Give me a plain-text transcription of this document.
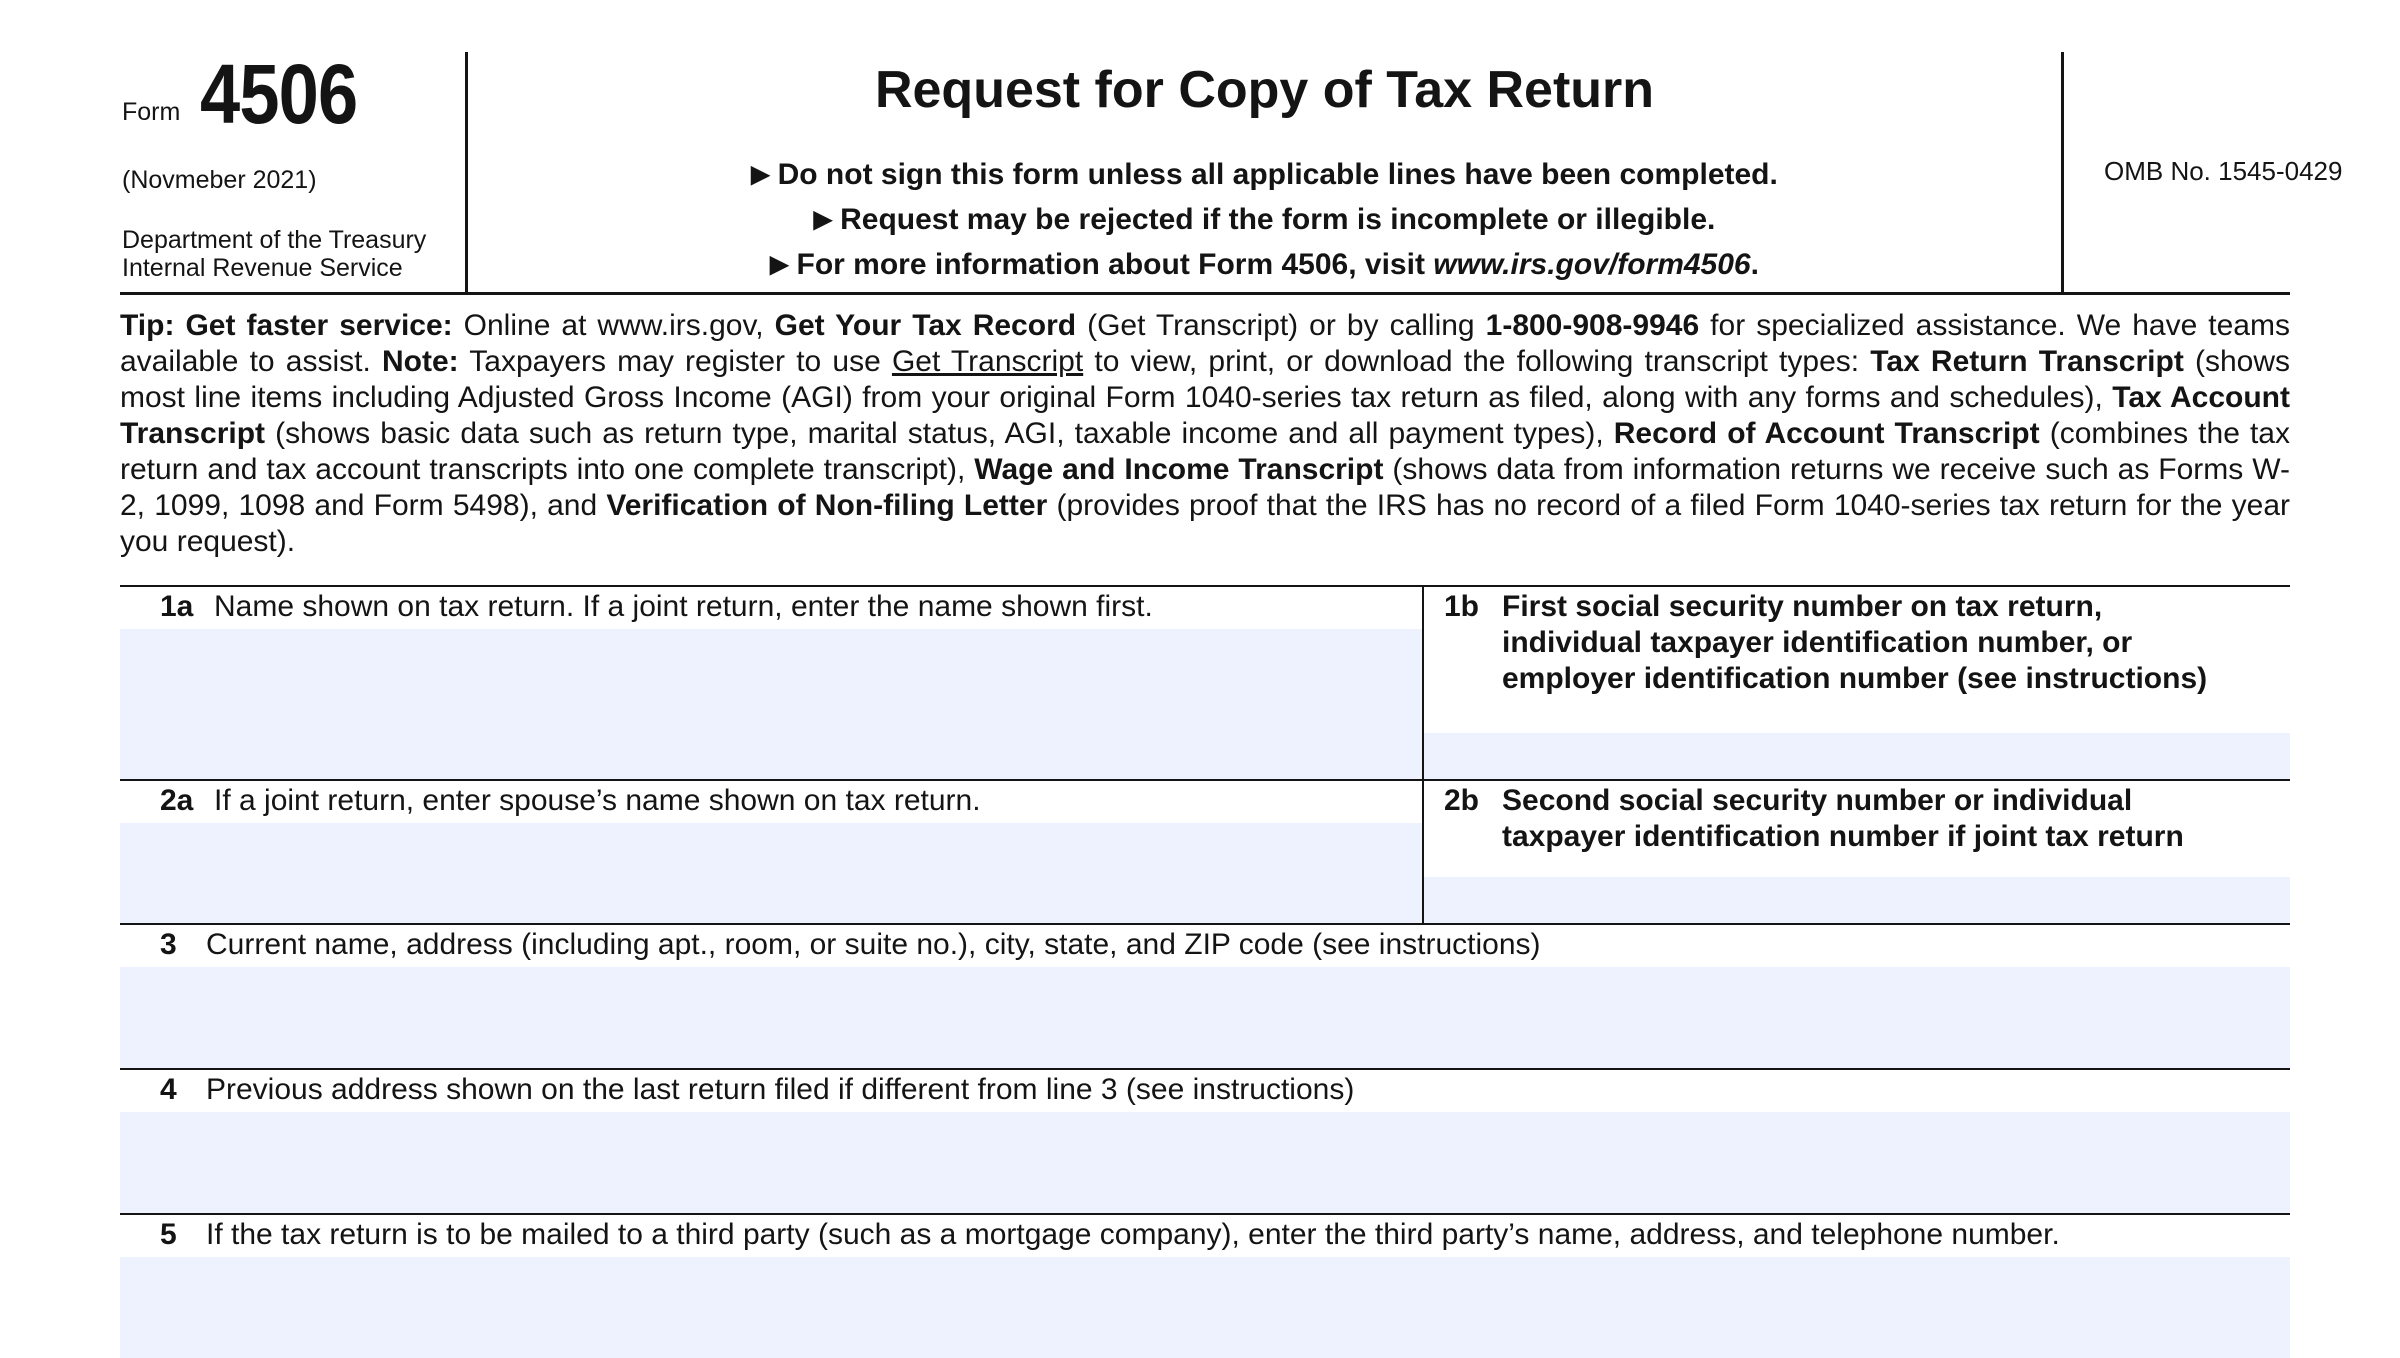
Form 4506
(Novmeber 2021)
Department of the Treasury
Internal Revenue Service
Request for Copy of Tax Return
▶ Do not sign this form unless all applicable lines have been completed.
▶ Request may be rejected if the form is incomplete or illegible.
▶ For more information about Form 4506, visit www.irs.gov/form4506.
OMB No. 1545-0429
Tip: Get faster service: Online at www.irs.gov, Get Your Tax Record (Get Transcript) or by calling 1-800-908-9946 for specialized assistance. We have teams available to assist. Note: Taxpayers may register to use Get Transcript to view, print, or download the following transcript types: Tax Return Transcript (shows most line items including Adjusted Gross Income (AGI) from your original Form 1040-series tax return as filed, along with any forms and schedules), Tax Account Transcript (shows basic data such as return type, marital status, AGI, taxable income and all payment types), Record of Account Transcript (combines the tax return and tax account transcripts into one complete transcript), Wage and Income Transcript (shows data from information returns we receive such as Forms W-2, 1099, 1098 and Form 5498), and Verification of Non-filing Letter (provides proof that the IRS has no record of a filed Form 1040-series tax return for the year you request).
1a Name shown on tax return. If a joint return, enter the name shown first.	1b First social security number on tax return,
individual taxpayer identification number, or
employer identification number (see instructions)
2a If a joint return, enter spouse’s name shown on tax return.	2b Second social security number or individual
taxpayer identification number if joint tax return
3 Current name, address (including apt., room, or suite no.), city, state, and ZIP code (see instructions)
4 Previous address shown on the last return filed if different from line 3 (see instructions)
5 If the tax return is to be mailed to a third party (such as a mortgage company), enter the third party’s name, address, and telephone number.
